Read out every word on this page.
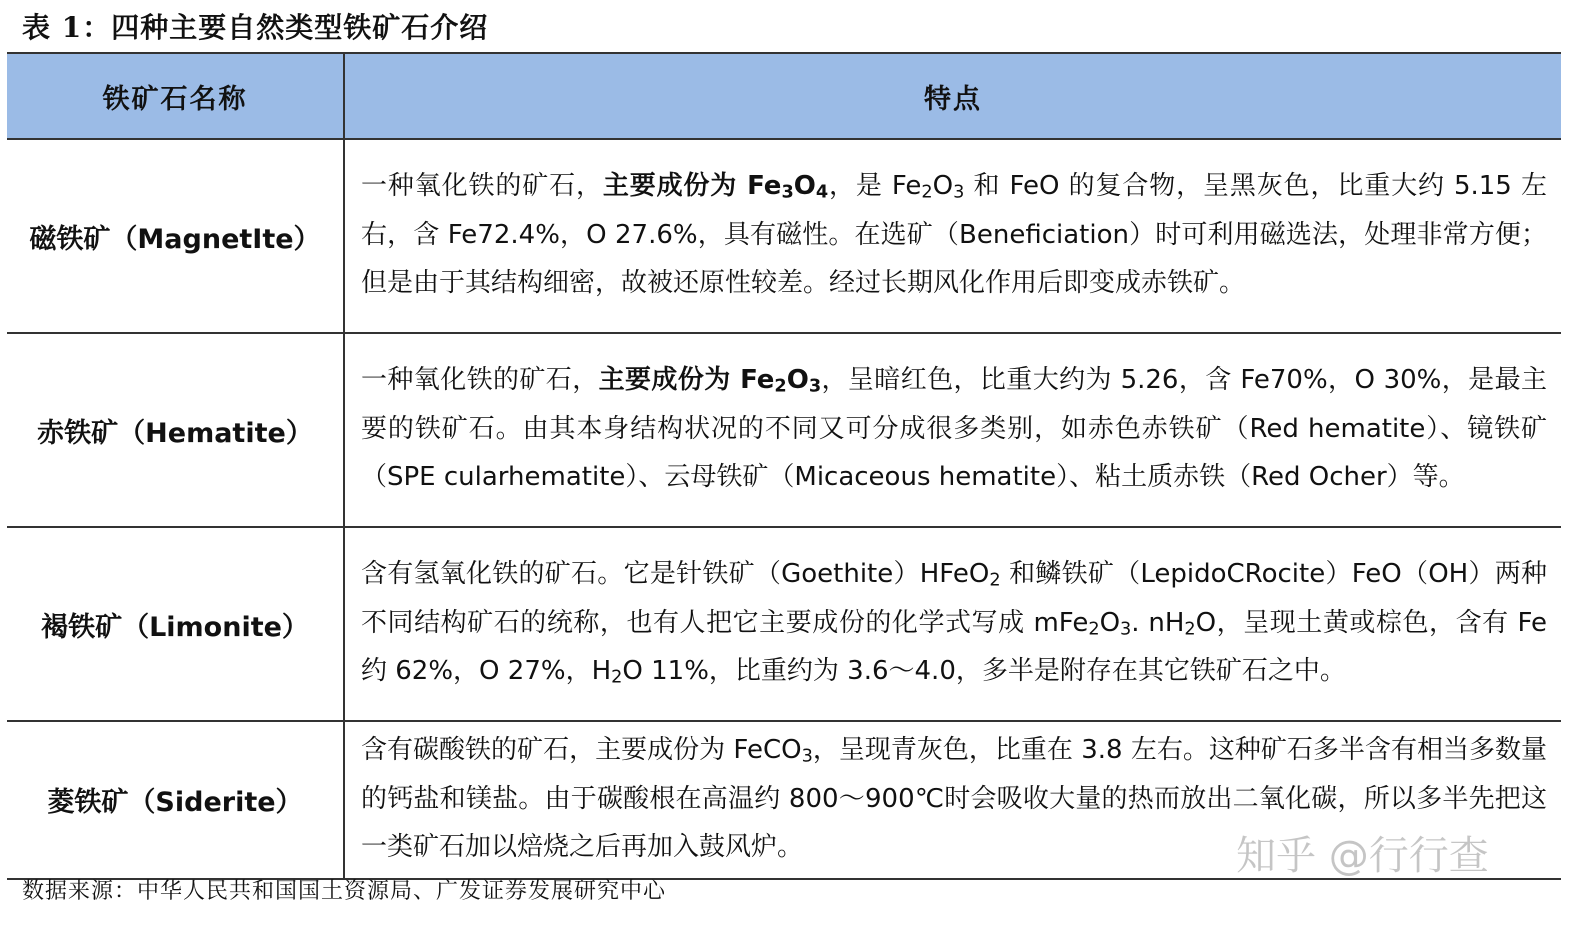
表 1：四种主要自然类型铁矿石介绍
铁矿石名称	特点
磁铁矿（MagnetIte）	一种氧化铁的矿石，主要成份为 $Fe_3O_4$，是 $Fe_2O_3$ 和 FeO 的复合物，呈黑灰色，比重大约 5.15 左右，含 Fe72.4%，O 27.6%，具有磁性。在选矿（Beneficiation）时可利用磁选法，处理非常方便；但是由于其结构细密，故被还原性较差。经过长期风化作用后即变成赤铁矿。
赤铁矿（Hematite）	一种氧化铁的矿石，主要成份为 $Fe_2O_3$，呈暗红色，比重大约为 5.26，含 Fe70%，O 30%，是最主要的铁矿石。由其本身结构状况的不同又可分成很多类别，如赤色赤铁矿（Red hematite）、镜铁矿（SPE cularhematite）、云母铁矿（Micaceous hematite）、粘土质赤铁（Red Ocher）等。
褐铁矿（Limonite）	含有氢氧化铁的矿石。它是针铁矿（Goethite）HFeO$_2$ 和鳞铁矿（LepidoCRocite）FeO（OH）两种不同结构矿石的统称，也有人把它主要成份的化学式写成 $mFe_2O_3$. $nH_2O$，呈现土黄或棕色，含有 Fe 约 62%，O 27%，$H_2O$ 11%，比重约为 3.6～4.0，多半是附存在其它铁矿石之中。
菱铁矿（Siderite）	含有碳酸铁的矿石，主要成份为 FeCO$_3$，呈现青灰色，比重在 3.8 左右。这种矿石多半含有相当多数量的钙盐和镁盐。由于碳酸根在高温约 800～900℃时会吸收大量的热而放出二氧化碳，所以多半先把这一类矿石加以焙烧之后再加入鼓风炉。
数据来源：中华人民共和国国土资源局、广发证券发展研究中心
知乎 @行行查
